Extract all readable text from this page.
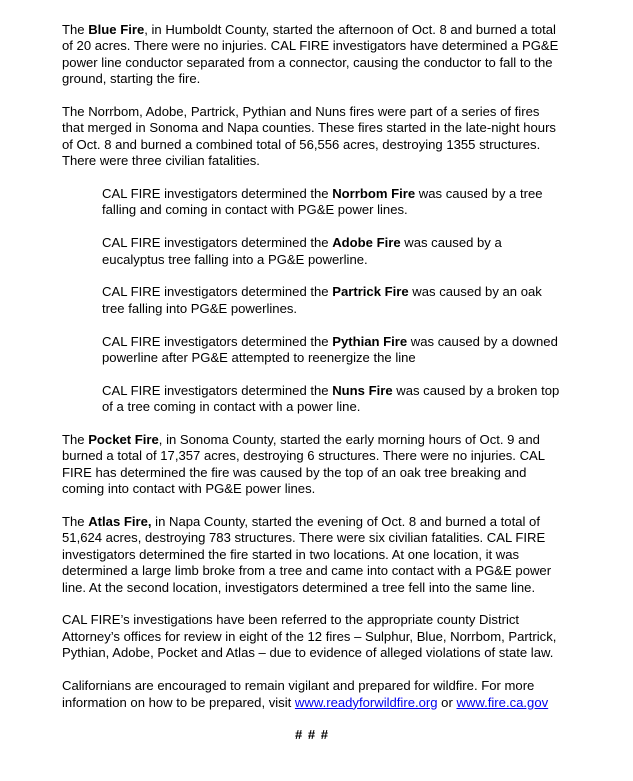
The Blue Fire, in Humboldt County, started the afternoon of Oct. 8 and burned a total of 20 acres. There were no injuries. CAL FIRE investigators have determined a PG&E power line conductor separated from a connector, causing the conductor to fall to the ground, starting the fire.

The Norrbom, Adobe, Partrick, Pythian and Nuns fires were part of a series of fires that merged in Sonoma and Napa counties. These fires started in the late-night hours of Oct. 8 and burned a combined total of 56,556 acres, destroying 1355 structures. There were three civilian fatalities.

CAL FIRE investigators determined the Norrbom Fire was caused by a tree falling and coming in contact with PG&E power lines.

CAL FIRE investigators determined the Adobe Fire was caused by a eucalyptus tree falling into a PG&E powerline.

CAL FIRE investigators determined the Partrick Fire was caused by an oak tree falling into PG&E powerlines.

CAL FIRE investigators determined the Pythian Fire was caused by a downed powerline after PG&E attempted to reenergize the line

CAL FIRE investigators determined the Nuns Fire was caused by a broken top of a tree coming in contact with a power line.

The Pocket Fire, in Sonoma County, started the early morning hours of Oct. 9 and burned a total of 17,357 acres, destroying 6 structures. There were no injuries. CAL FIRE has determined the fire was caused by the top of an oak tree breaking and coming into contact with PG&E power lines.

The Atlas Fire, in Napa County, started the evening of Oct. 8 and burned a total of 51,624 acres, destroying 783 structures. There were six civilian fatalities. CAL FIRE investigators determined the fire started in two locations. At one location, it was determined a large limb broke from a tree and came into contact with a PG&E power line. At the second location, investigators determined a tree fell into the same line.

CAL FIRE’s investigations have been referred to the appropriate county District Attorney’s offices for review in eight of the 12 fires – Sulphur, Blue, Norrbom, Partrick, Pythian, Adobe, Pocket and Atlas – due to evidence of alleged violations of state law.

Californians are encouraged to remain vigilant and prepared for wildfire. For more information on how to be prepared, visit www.readyforwildfire.org or www.fire.ca.gov

# # #
